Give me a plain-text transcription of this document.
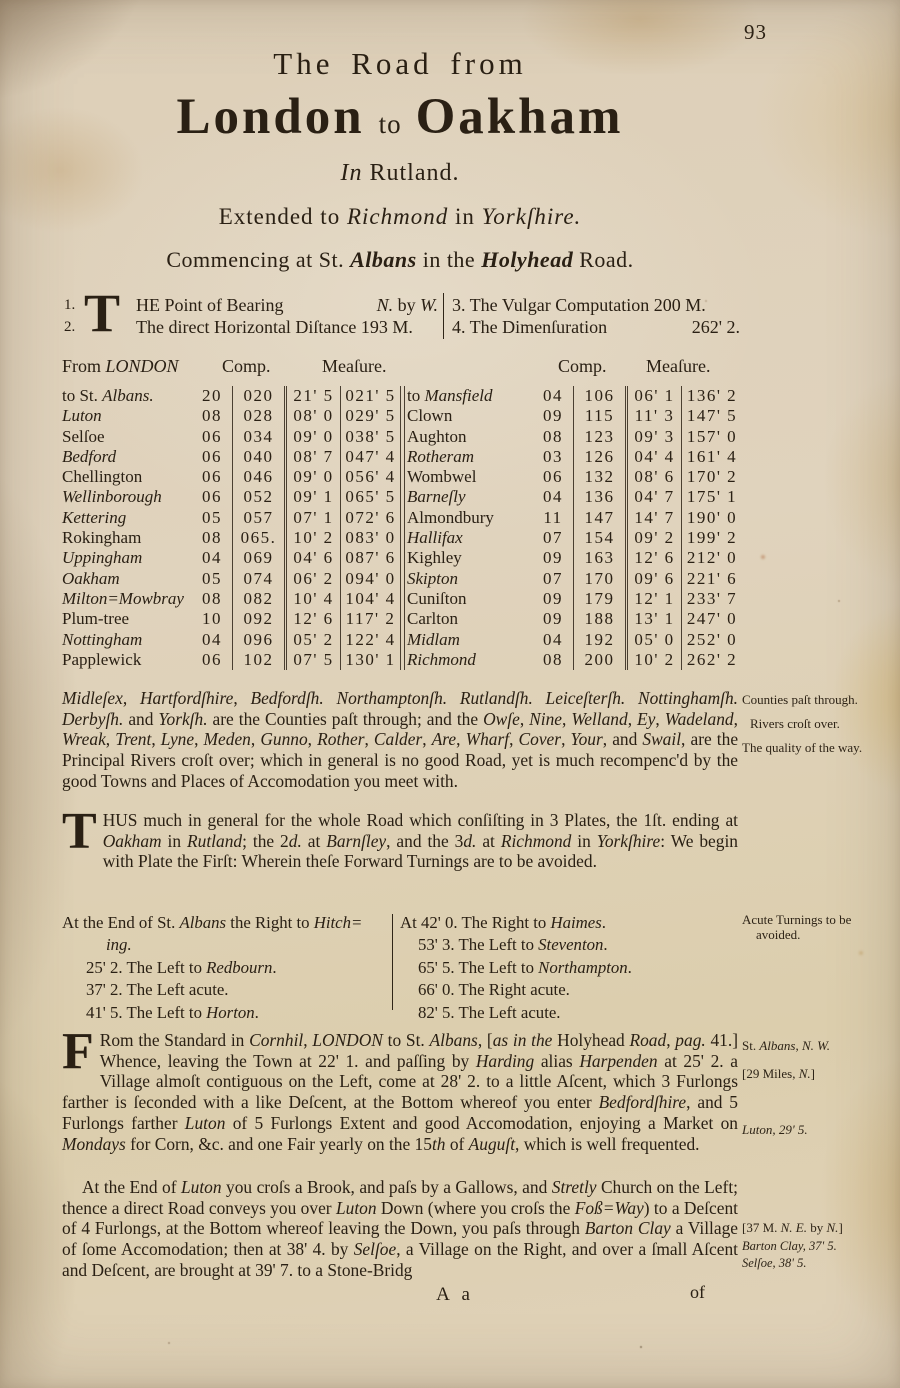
93
The Road from
London to Oakham
In Rutland.
Extended to Richmond in Yorkſhire.
Commencing at St. Albans in the Holyhead Road.
1.
2. T HE Point of Bearing	N. by W.
The direct Horizontal Diſtance 193 M.
3. The Vulgar Computation 200 M.
4. The Dimenſuration	262' 2.
From LONDON Comp.	Meaſure.	Comp. Meaſure.
to St. Albans.	20	020	21' 5 021' 5
Luton	08	028	08' 0 029' 5
Selſoe	06	034	09' 0 038' 5
Bedford	06	040	08' 7 047' 4
Chellington	06	046	09' 0 056' 4
Wellinborough	06	052	09' 1 065' 5
Kettering	05	057	07' 1 072' 6
Rokingham	08	065. 10' 2 083' 0
Uppingham	04	069	04' 6 087' 6
Oakham	05	074	06' 2 094' 0
Milton=Mowbray	08	082	10' 4 104' 4
Plum-tree	10	092	12' 6 117' 2
Nottingham	04	096	05' 2 122' 4
Papplewick	06	102	07' 5 130' 1
to Mansfield	04	106	06' 1 136' 2
Clown	09	115	11' 3 147' 5
Aughton	08	123	09' 3 157' 0
Rotheram	03	126	04' 4 161' 4
Wombwel	06	132	08' 6 170' 2
Barneſly	04	136	04' 7 175' 1
Almondbury	11	147	14' 7 190' 0
Hallifax	07	154	09' 2 199' 2
Kighley	09	163	12' 6 212' 0
Skipton	07	170	09' 6 221' 6
Cuniſton	09	179	12' 1 233' 7
Carlton	09	188	13' 1 247' 0
Midlam	04	192	05' 0 252' 0
Richmond	08	200	10' 2 262' 2
Midleſex, Hartfordſhire, Bedfordſh. Northamptonſh. Rutlandſh. Leiceſterſh. Nottinghamſh. Derbyſh. and Yorkſh. are the Counties paſt through; and the Owſe, Nine, Welland, Ey, Wadeland, Wreak, Trent, Lyne, Meden, Gunno, Rother, Calder, Are, Wharf, Cover, Your, and Swail, are the Principal Rivers croſt over; which in general is no good Road, yet is much recompenc'd by the good Towns and Places of Accomodation you meet with.
THUS much in general for the whole Road which conſiſting in 3 Plates, the 1ſt. ending at Oakham in Rutland; the 2d. at Barnſley, and the 3d. at Richmond in Yorkſhire: We begin with Plate the Firſt: Wherein theſe Forward Turnings are to be avoided.
At the End of St. Albans the Right to Hitch=
ing.
25' 2. The Left to Redbourn.
37' 2. The Left acute.
41' 5. The Left to Horton.
At 42' 0. The Right to Haimes.
53' 3. The Left to Steventon.
65' 5. The Left to Northampton.
66' 0. The Right acute.
82' 5. The Left acute.
F Rom the Standard in Cornhil, LONDON to St. Albans, [as in the Holyhead Road, pag. 41.] Whence, leaving the Town at 22' 1. and paſſing by Harding alias Harpenden at 25' 2. a Village almoſt contiguous on the Left, come at 28' 2. to a little Aſcent, which 3 Furlongs farther is ſeconded with a like Deſcent, at the Bottom whereof you enter Bedfordſhire, and 5 Furlongs farther Luton of 5 Furlongs Extent and good Accomodation, enjoying a Market on Mondays for Corn, &c. and one Fair yearly on the 15th of Auguſt, which is well frequented.
At the End of Luton you croſs a Brook, and paſs by a Gallows, and Stretly Church on the Left; thence a direct Road conveys you over Luton Down (where you croſs the Foß=Way) to a Deſcent of 4 Furlongs, at the Bottom whereof leaving the Down, you paſs through Barton Clay a Village of ſome Accomodation; then at 38' 4. by Selſoe, a Village on the Right, and over a ſmall Aſcent and Deſcent, are brought at 39' 7. to a Stone-Bridg
Counties paſt through.
Rivers croſt over.
The quality of the way.
Acute Turnings to be
avoided.
St. Albans, N. W.
[29 Miles, N.]
Luton, 29' 5.
[37 M. N. E. by N.]
Barton Clay, 37' 5.
Selſoe, 38' 5.
A a	of
